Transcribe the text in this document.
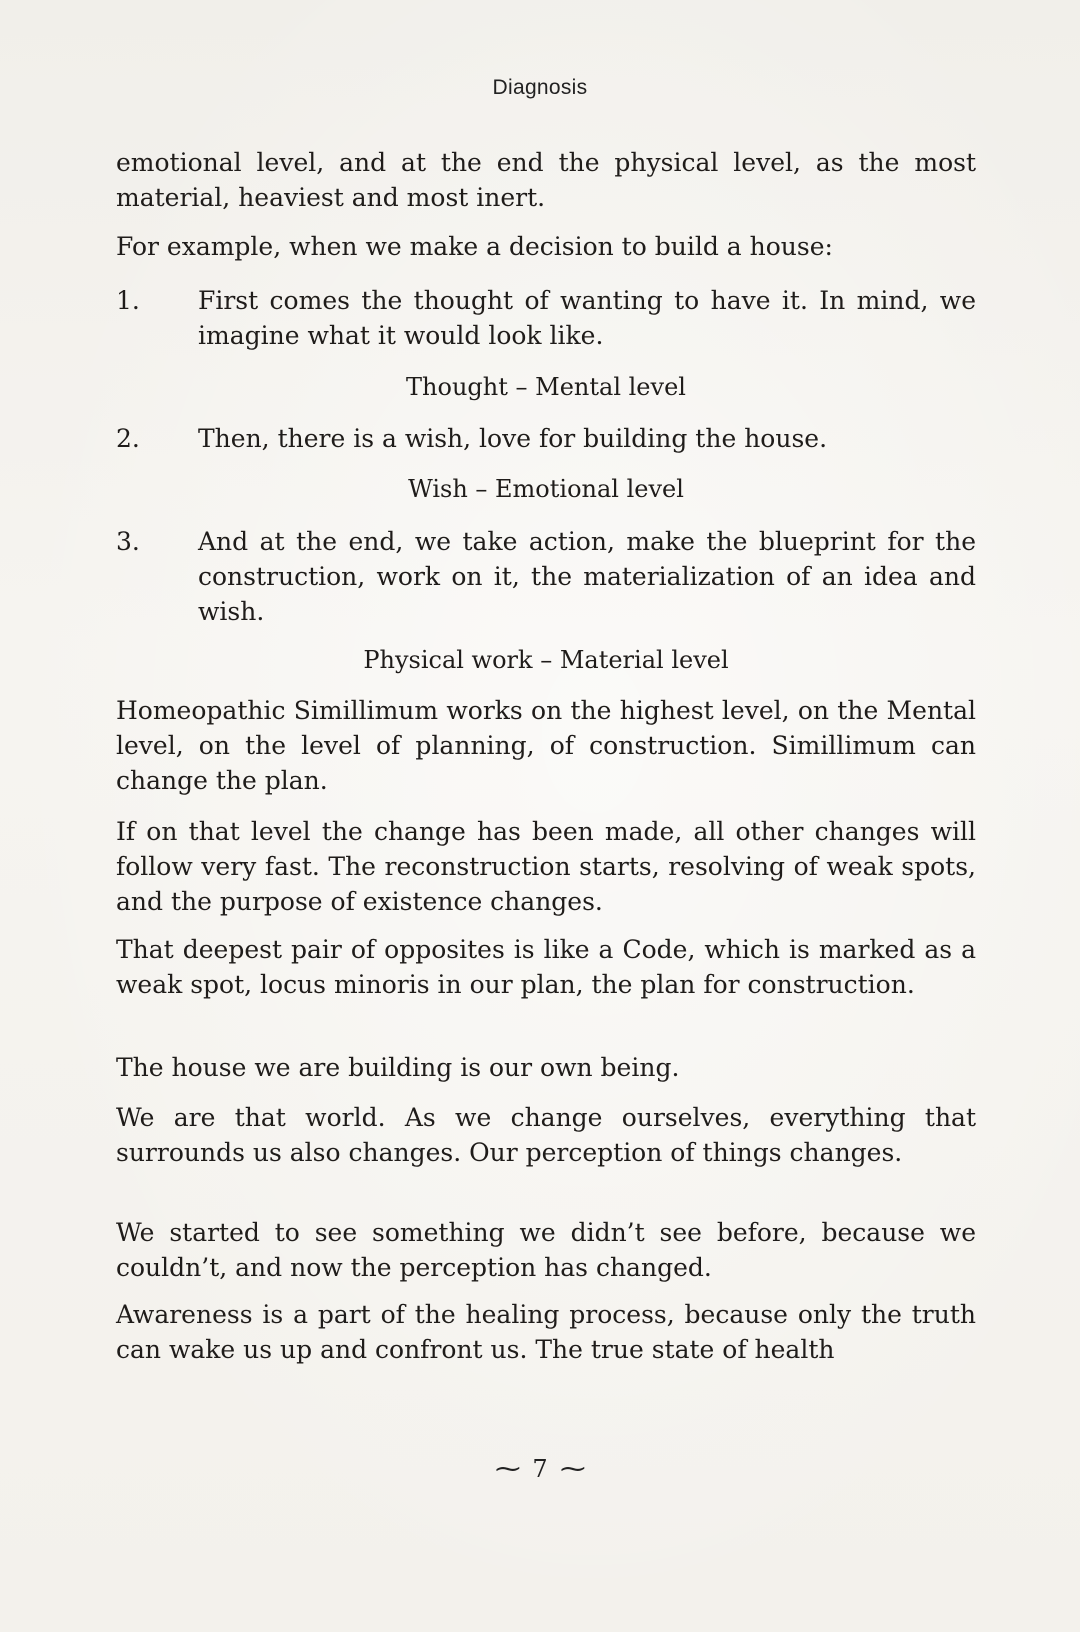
Diagnosis

emotional level, and at the end the physical level, as the most material, heaviest and most inert.

For example, when we make a decision to build a house:

1. First comes the thought of wanting to have it. In mind, we imagine what it would look like.
Thought – Mental level
2. Then, there is a wish, love for building the house.
Wish – Emotional level
3. And at the end, we take action, make the blueprint for the construction, work on it, the materialization of an idea and wish.
Physical work – Material level

Homeopathic Simillimum works on the highest level, on the Mental level, on the level of planning, of construction. Simillimum can change the plan.

If on that level the change has been made, all other changes will follow very fast. The reconstruction starts, resolving of weak spots, and the purpose of existence changes.

That deepest pair of opposites is like a Code, which is marked as a weak spot, locus minoris in our plan, the plan for construction.

The house we are building is our own being.

We are that world. As we change ourselves, everything that surrounds us also changes. Our perception of things changes.

We started to see something we didn’t see before, because we couldn’t, and now the perception has changed.

Awareness is a part of the healing process, because only the truth can wake us up and confront us. The true state of health

~ 7 ~
